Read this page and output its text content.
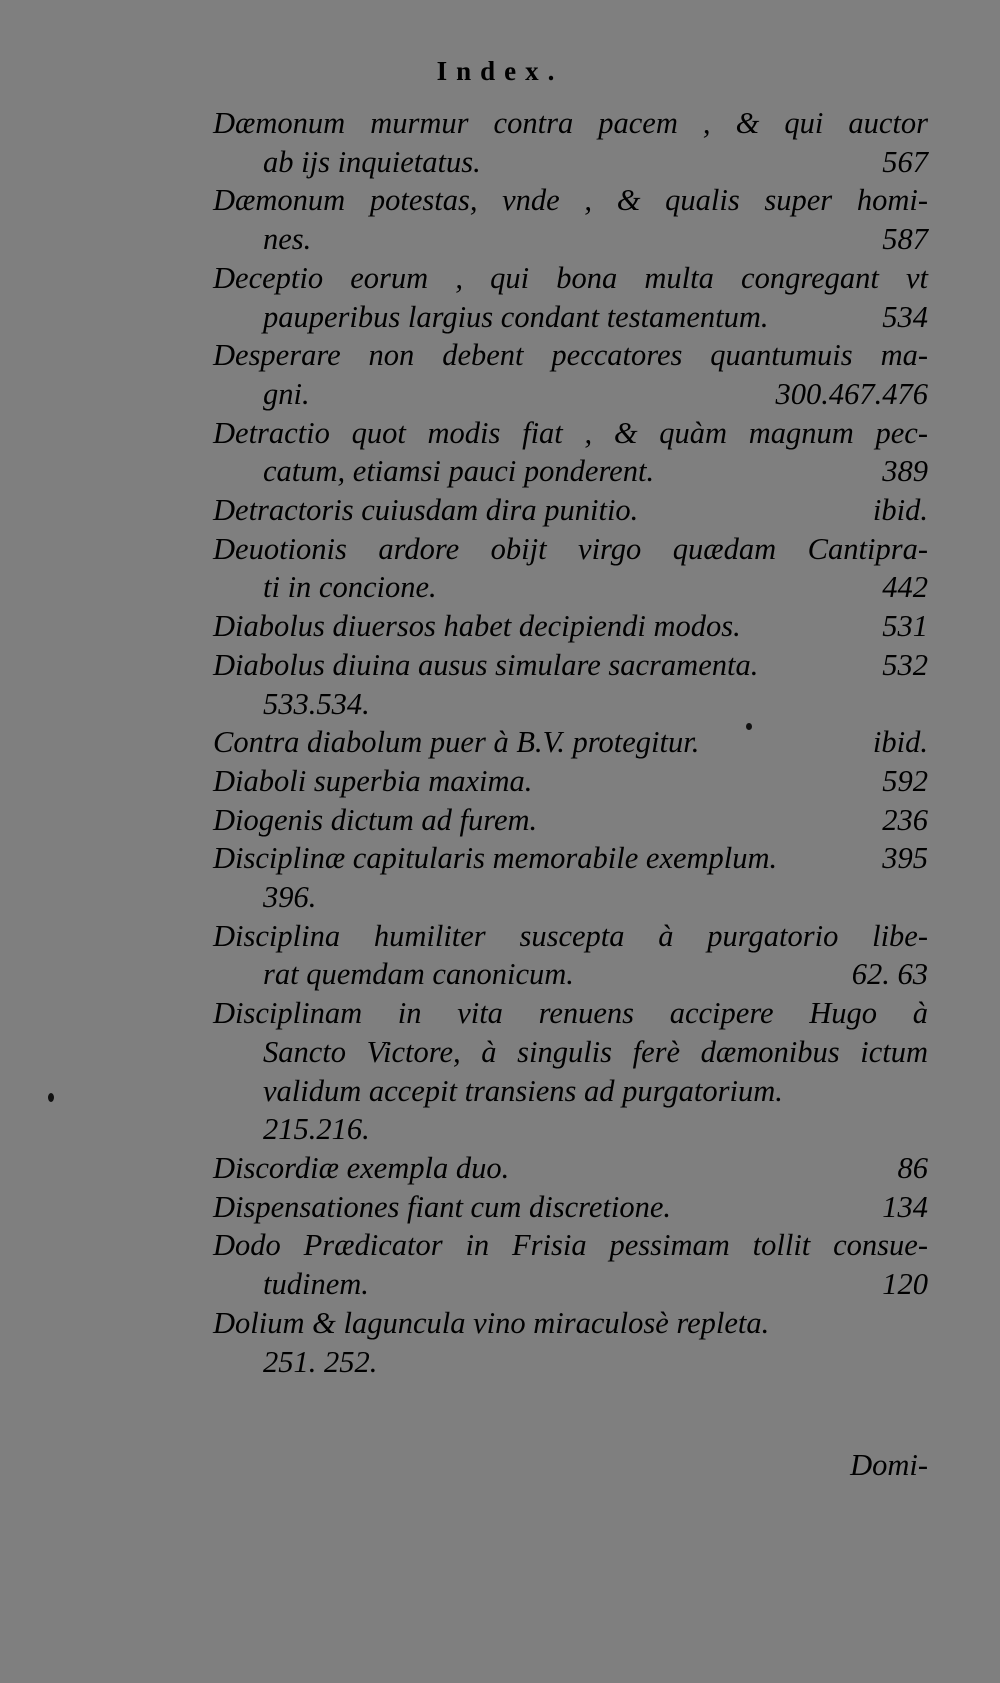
Index.
Dæmonum murmur contra pacem , & qui auctor
ab ijs inquietatus.	567
Dæmonum potestas, vnde , & qualis super homi-
nes.	587
Deceptio eorum , qui bona multa congregant vt
pauperibus largius condant testamentum.	534
Desperare non debent peccatores quantumuis ma-
gni.	300.467.476
Detractio quot modis fiat , & quàm magnum pec-
catum, etiamsi pauci ponderent.	389
Detractoris cuiusdam dira punitio.	ibid.
Deuotionis ardore obijt virgo quædam Cantipra-
ti in concione.	442
Diabolus diuersos habet decipiendi modos.	531
Diabolus diuina ausus simulare sacramenta.	532
533.534.
Contra diabolum puer à B.V. protegitur.	ibid.
Diaboli superbia maxima.	592
Diogenis dictum ad furem.	236
Disciplinæ capitularis memorabile exemplum.	395
396.
Disciplina humiliter suscepta à purgatorio libe-
rat quemdam canonicum.	62. 63
Disciplinam in vita renuens accipere Hugo à
Sancto Victore, à singulis ferè dæmonibus ictum
validum accepit transiens ad purgatorium.
215.216.
Discordiæ exempla duo.	86
Dispensationes fiant cum discretione.	134
Dodo Prædicator in Frisia pessimam tollit consue-
tudinem.	120
Dolium & laguncula vino miraculosè repleta.
251. 252.
Domi-
